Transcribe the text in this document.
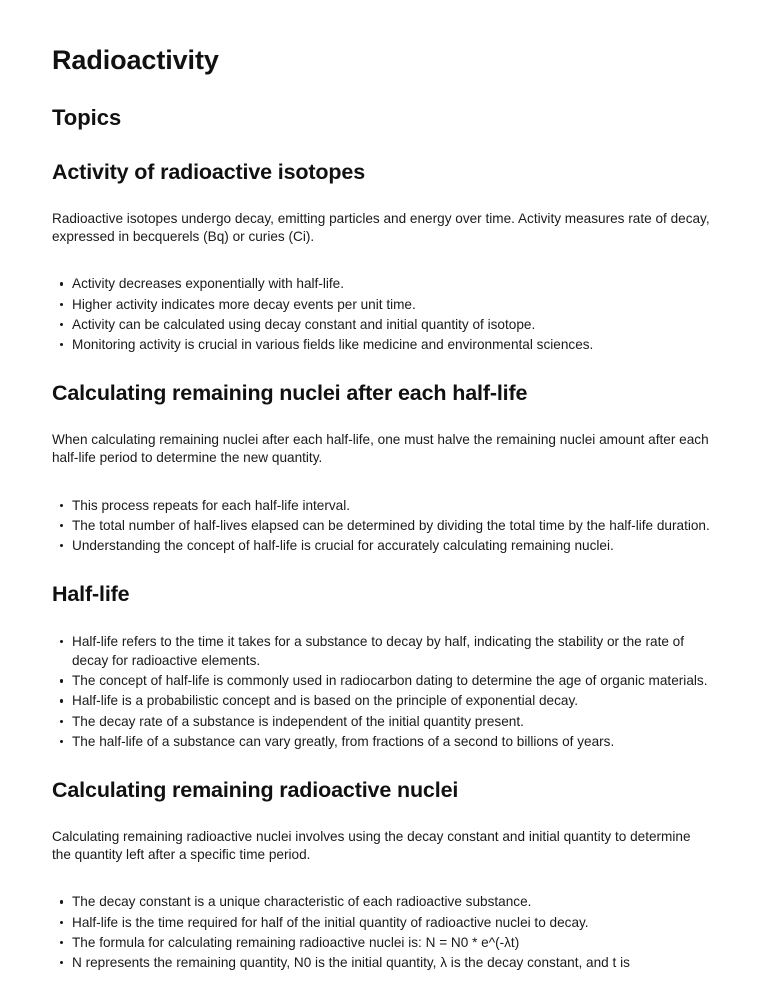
Radioactivity
Topics
Activity of radioactive isotopes

Radioactive isotopes undergo decay, emitting particles and energy over time. Activity measures rate of decay, expressed in becquerels (Bq) or curies (Ci).

Activity decreases exponentially with half-life.
Higher activity indicates more decay events per unit time.
Activity can be calculated using decay constant and initial quantity of isotope.
Monitoring activity is crucial in various fields like medicine and environmental sciences.
Calculating remaining nuclei after each half-life

When calculating remaining nuclei after each half-life, one must halve the remaining nuclei amount after each half-life period to determine the new quantity.

This process repeats for each half-life interval.
The total number of half-lives elapsed can be determined by dividing the total time by the half-life duration.
Understanding the concept of half-life is crucial for accurately calculating remaining nuclei.
Half-life
Half-life refers to the time it takes for a substance to decay by half, indicating the stability or the rate of decay for radioactive elements.
The concept of half-life is commonly used in radiocarbon dating to determine the age of organic materials.
Half-life is a probabilistic concept and is based on the principle of exponential decay.
The decay rate of a substance is independent of the initial quantity present.
The half-life of a substance can vary greatly, from fractions of a second to billions of years.
Calculating remaining radioactive nuclei

Calculating remaining radioactive nuclei involves using the decay constant and initial quantity to determine the quantity left after a specific time period.

The decay constant is a unique characteristic of each radioactive substance.
Half-life is the time required for half of the initial quantity of radioactive nuclei to decay.
The formula for calculating remaining radioactive nuclei is: N = N0 * e^(-λt)
N represents the remaining quantity, N0 is the initial quantity, λ is the decay constant, and t is
